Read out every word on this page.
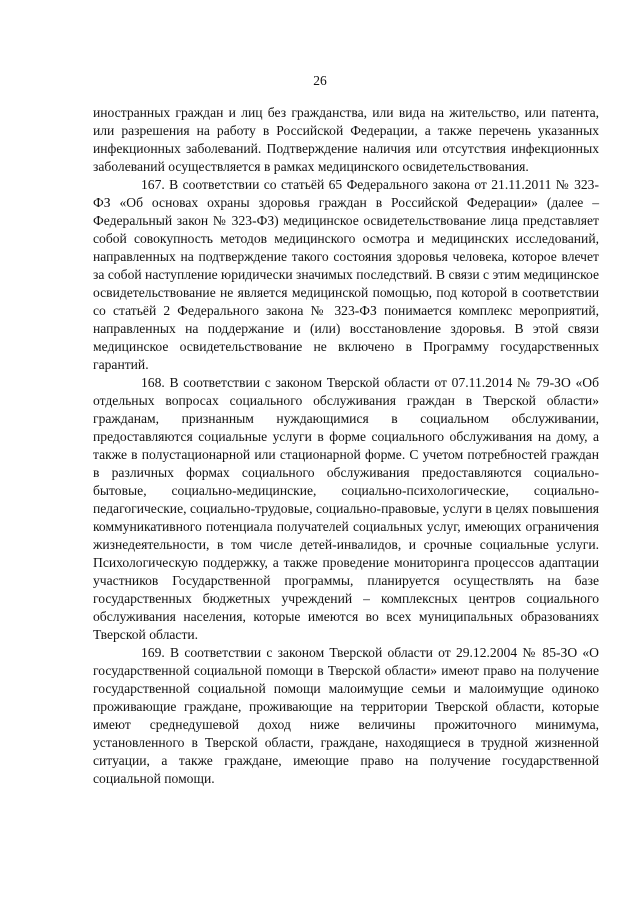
26

иностранных граждан и лиц без гражданства, или вида на жительство, или патента, или разрешения на работу в Российской Федерации, а также перечень указанных инфекционных заболеваний. Подтверждение наличия или отсутствия инфекционных заболеваний осуществляется в рамках медицинского освидетельствования.

167. В соответствии со статьёй 65 Федерального закона от 21.11.2011 № 323-ФЗ «Об основах охраны здоровья граждан в Российской Федерации» (далее – Федеральный закон № 323-ФЗ) медицинское освидетельствование лица представляет собой совокупность методов медицинского осмотра и медицинских исследований, направленных на подтверждение такого состояния здоровья человека, которое влечет за собой наступление юридически значимых последствий. В связи с этим медицинское освидетельствование не является медицинской помощью, под которой в соответствии со статьёй 2 Федерального закона № 323-ФЗ понимается комплекс мероприятий, направленных на поддержание и (или) восстановление здоровья. В этой связи медицинское освидетельствование не включено в Программу государственных гарантий.

168. В соответствии с законом Тверской области от 07.11.2014 № 79-ЗО «Об отдельных вопросах социального обслуживания граждан в Тверской области» гражданам, признанным нуждающимися в социальном обслуживании, предоставляются социальные услуги в форме социального обслуживания на дому, а также в полустационарной или стационарной форме. С учетом потребностей граждан в различных формах социального обслуживания предоставляются социально-бытовые, социально-медицинские, социально-психологические, социально-педагогические, социально-трудовые, социально-правовые, услуги в целях повышения коммуникативного потенциала получателей социальных услуг, имеющих ограничения жизнедеятельности, в том числе детей-инвалидов, и срочные социальные услуги. Психологическую поддержку, а также проведение мониторинга процессов адаптации участников Государственной программы, планируется осуществлять на базе государственных бюджетных учреждений – комплексных центров социального обслуживания населения, которые имеются во всех муниципальных образованиях Тверской области.

169. В соответствии с законом Тверской области от 29.12.2004 № 85-ЗО «О государственной социальной помощи в Тверской области» имеют право на получение государственной социальной помощи малоимущие семьи и малоимущие одиноко проживающие граждане, проживающие на территории Тверской области, которые имеют среднедушевой доход ниже величины прожиточного минимума, установленного в Тверской области, граждане, находящиеся в трудной жизненной ситуации, а также граждане, имеющие право на получение государственной социальной помощи.
